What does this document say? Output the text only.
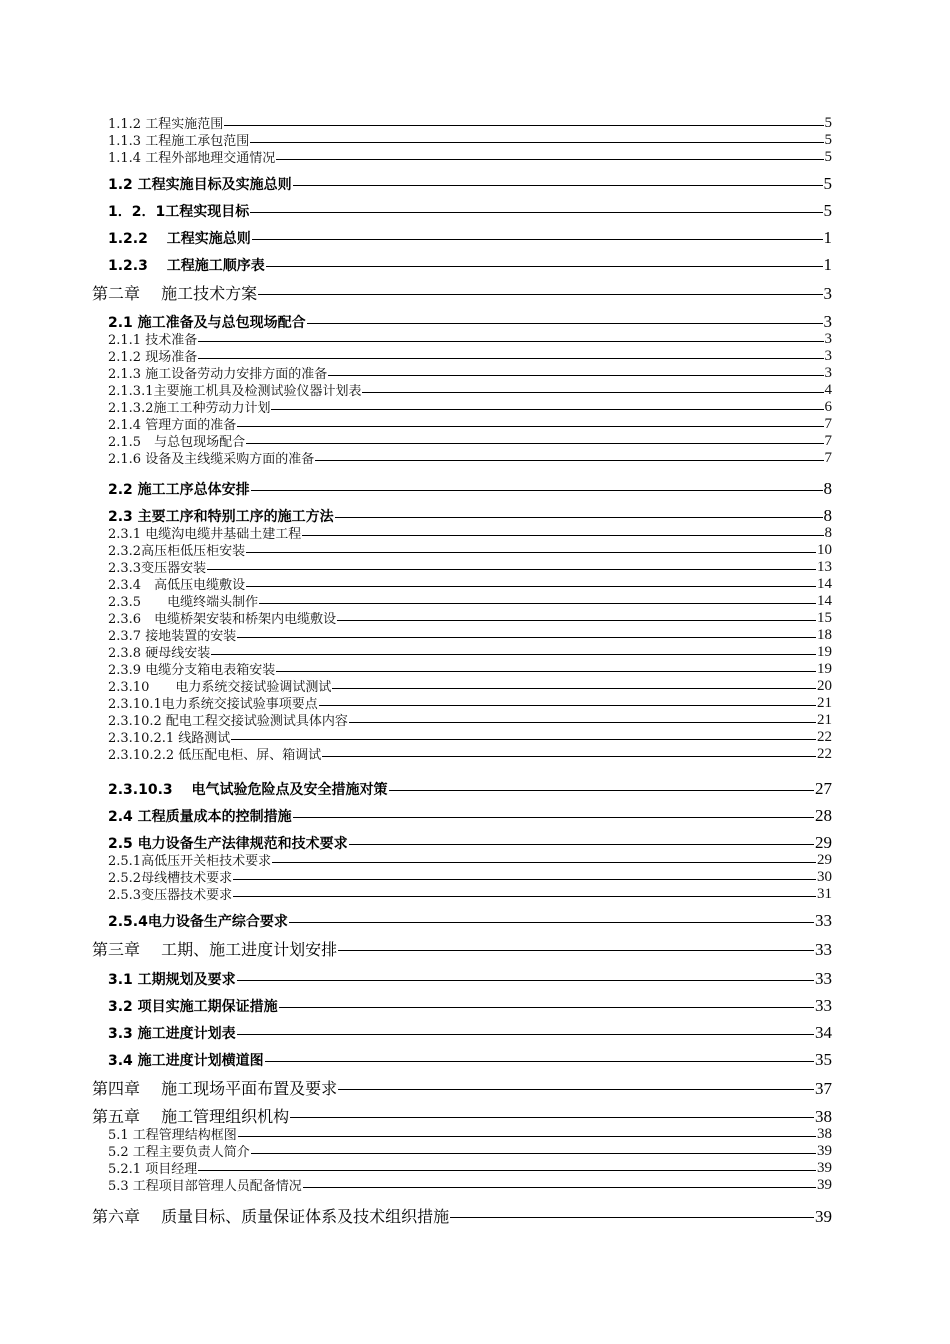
1.1.2 工程实施范围	5
1.1.3 工程施工承包范围	5
1.1.4 工程外部地理交通情况	5
1.2 工程实施目标及实施总则	5
1．2．1工程实现目标	5
1.2.2　 工程实施总则	1
1.2.3　 工程施工顺序表	1
第二章　 施工技术方案	3
2.1 施工准备及与总包现场配合	3
2.1.1 技术准备	3
2.1.2 现场准备	3
2.1.3 施工设备劳动力安排方面的准备	3
2.1.3.1主要施工机具及检测试验仪器计划表	4
2.1.3.2施工工种劳动力计划	6
2.1.4 管理方面的准备	7
2.1.5　与总包现场配合	7
2.1.6 设备及主线缆采购方面的准备	7
2.2 施工工序总体安排	8
2.3 主要工序和特别工序的施工方法	8
2.3.1 电缆沟电缆井基础土建工程	8
2.3.2高压柜低压柜安装	10
2.3.3变压器安装	13
2.3.4　高低压电缆敷设	14
2.3.5　　电缆终端头制作	14
2.3.6　电缆桥架安装和桥架内电缆敷设	15
2.3.7 接地装置的安装	18
2.3.8 硬母线安装	19
2.3.9 电缆分支箱电表箱安装	19
2.3.10　　电力系统交接试验调试测试	20
2.3.10.1电力系统交接试验事项要点	21
2.3.10.2 配电工程交接试验测试具体内容	21
2.3.10.2.1 线路测试	22
2.3.10.2.2 低压配电柜、屏、箱调试	22
2.3.10.3　 电气试验危险点及安全措施对策	27
2.4 工程质量成本的控制措施	28
2.5 电力设备生产法律规范和技术要求	29
2.5.1高低压开关柜技术要求	29
2.5.2母线槽技术要求	30
2.5.3变压器技术要求	31
2.5.4电力设备生产综合要求	33
第三章　 工期、施工进度计划安排	33
3.1 工期规划及要求	33
3.2 项目实施工期保证措施	33
3.3 施工进度计划表	34
3.4 施工进度计划横道图	35
第四章　 施工现场平面布置及要求	37
第五章　 施工管理组织机构	38
5.1 工程管理结构框图	38
5.2 工程主要负责人简介	39
5.2.1 项目经理	39
5.3 工程项目部管理人员配备情况	39
第六章　 质量目标、质量保证体系及技术组织措施	39
